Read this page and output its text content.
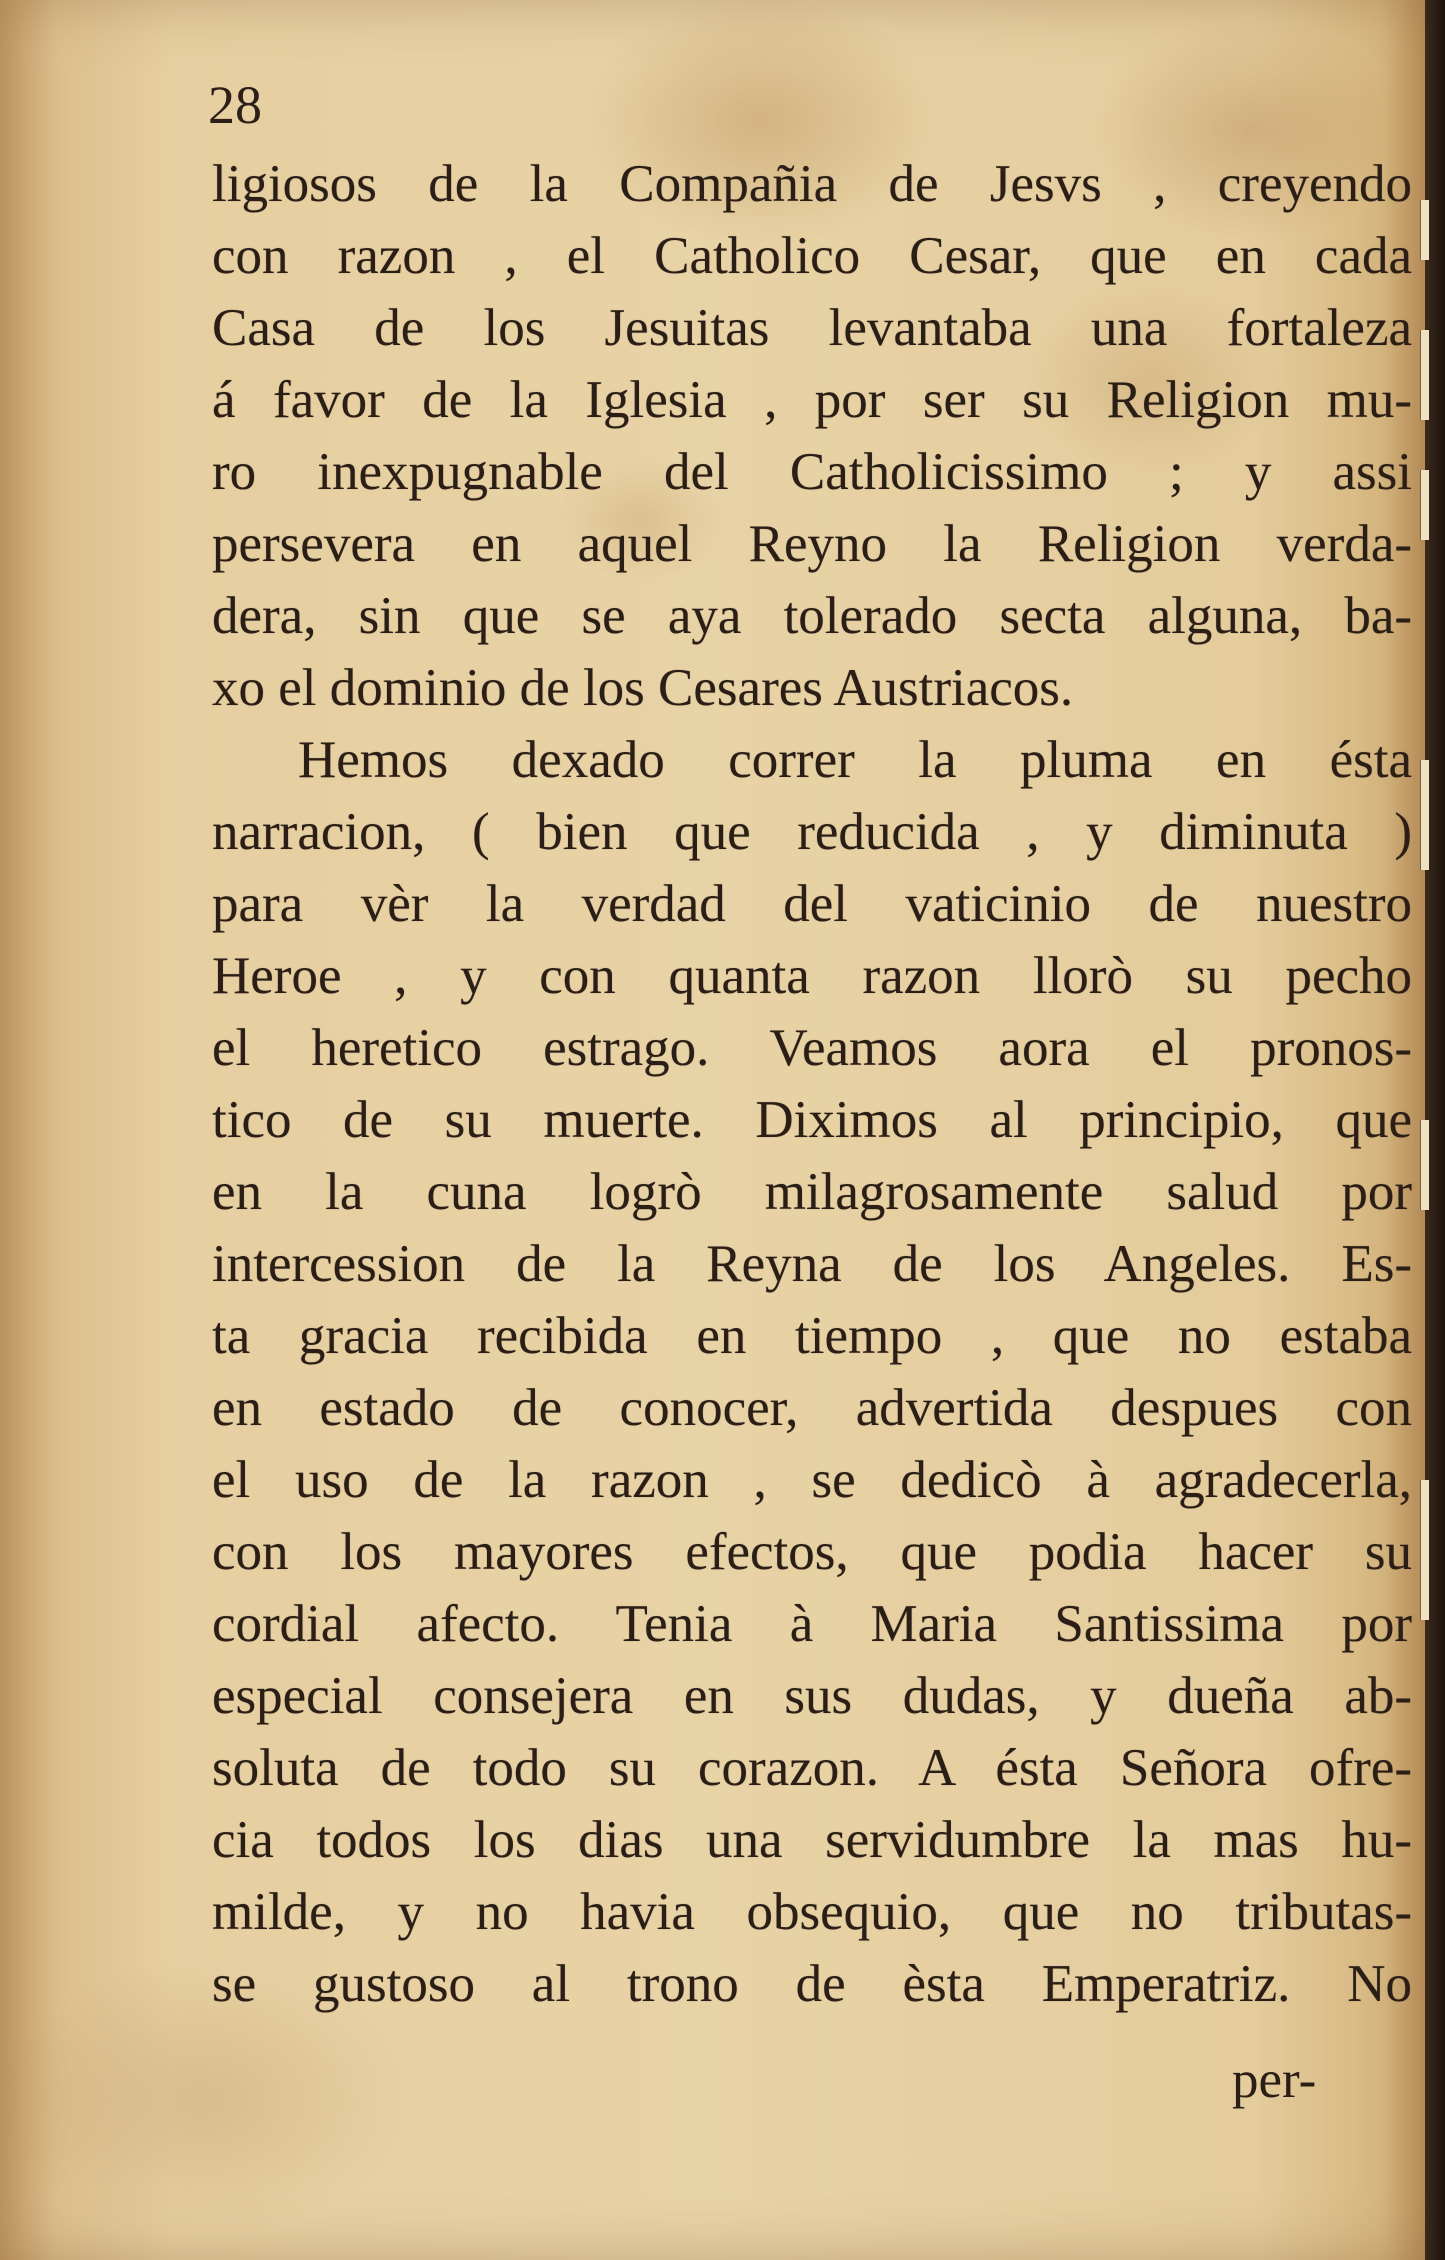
28
ligiosos de la Compañia de Jesvs , creyendo
con razon , el Catholico Cesar, que en cada
Casa de los Jesuitas levantaba una fortaleza
á favor de la Iglesia , por ser su Religion mu-
ro inexpugnable del Catholicissimo ; y assi
persevera en aquel Reyno la Religion verda-
dera, sin que se aya tolerado secta alguna, ba-
xo el dominio de los Cesares Austriacos.
Hemos dexado correr la pluma en ésta
narracion, ( bien que reducida , y diminuta )
para vèr la verdad del vaticinio de nuestro
Heroe , y con quanta razon llorò su pecho
el heretico estrago. Veamos aora el pronos-
tico de su muerte. Diximos al principio, que
en la cuna logrò milagrosamente salud por
intercession de la Reyna de los Angeles. Es-
ta gracia recibida en tiempo , que no estaba
en estado de conocer, advertida despues con
el uso de la razon , se dedicò à agradecerla,
con los mayores efectos, que podia hacer su
cordial afecto. Tenia à Maria Santissima por
especial consejera en sus dudas, y dueña ab-
soluta de todo su corazon. A ésta Señora ofre-
cia todos los dias una servidumbre la mas hu-
milde, y no havia obsequio, que no tributas-
se gustoso al trono de èsta Emperatriz. No
per-
